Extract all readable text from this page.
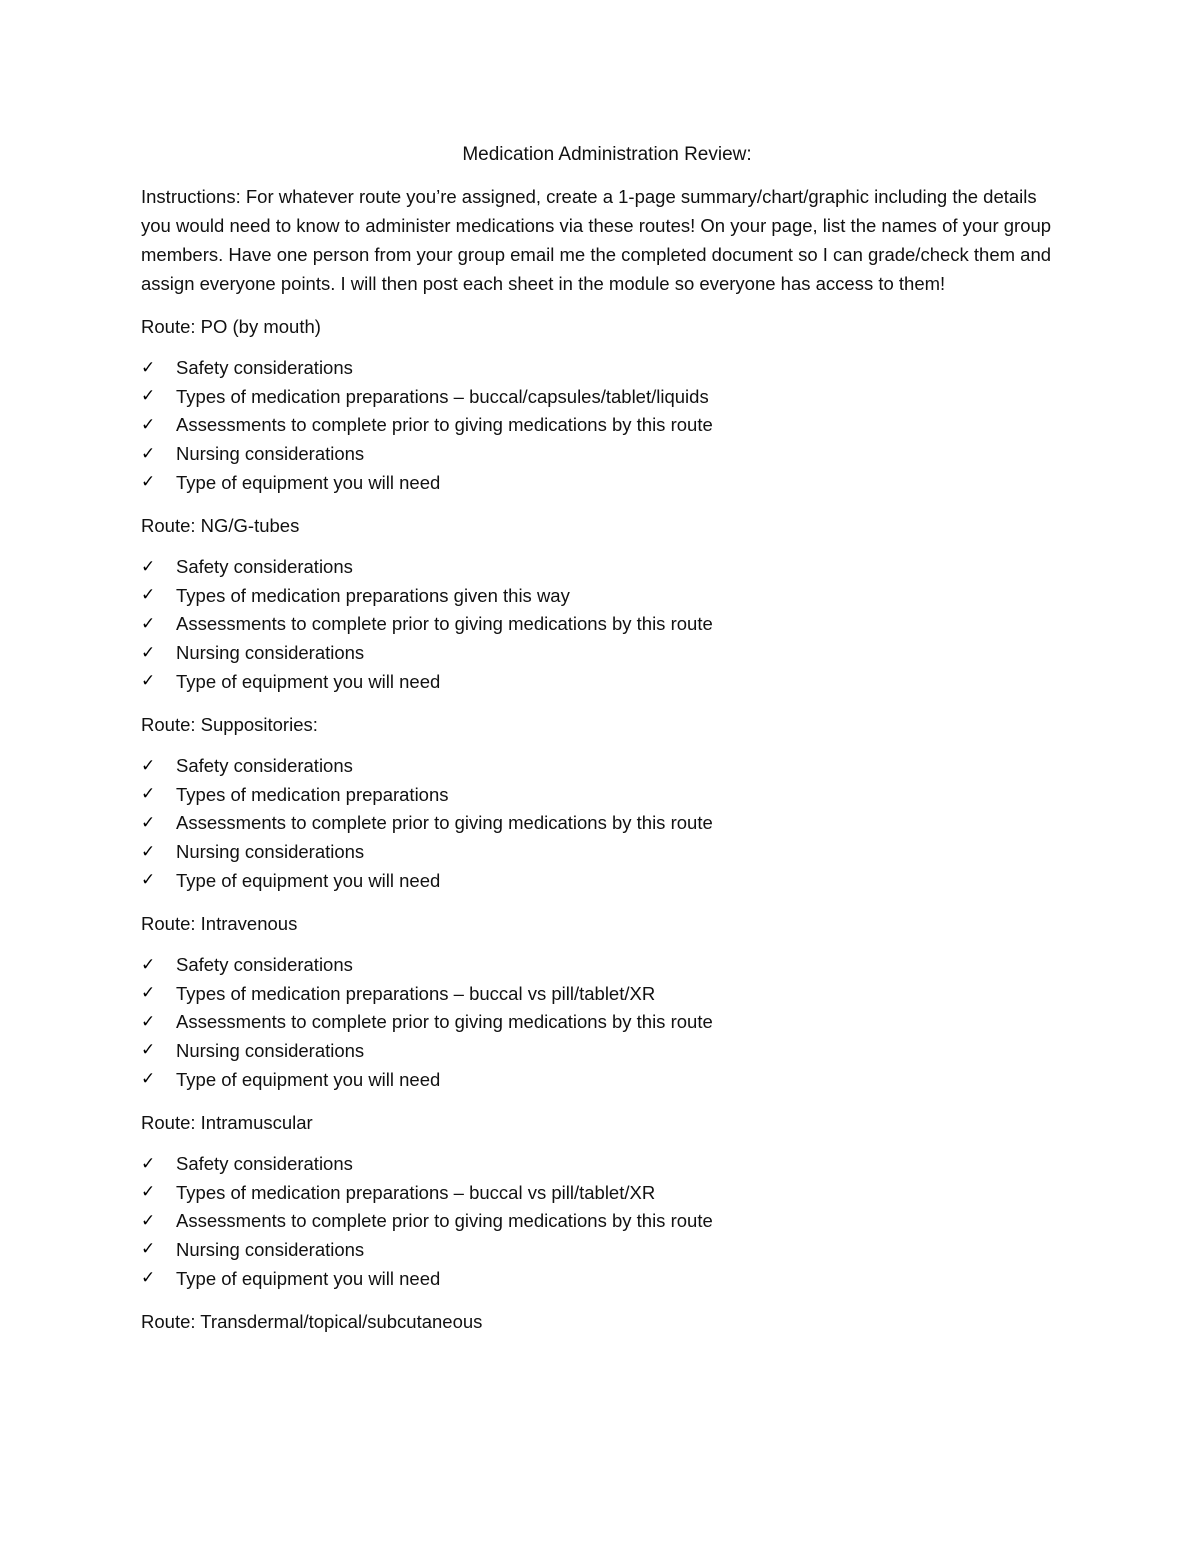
Medication Administration Review:
Instructions: For whatever route you’re assigned, create a 1-page summary/chart/graphic including the details you would need to know to administer medications via these routes! On your page, list the names of your group members. Have one person from your group email me the completed document so I can grade/check them and assign everyone points. I will then post each sheet in the module so everyone has access to them!
Route: PO (by mouth)
✓	Safety considerations
✓	Types of medication preparations – buccal/capsules/tablet/liquids
✓	Assessments to complete prior to giving medications by this route
✓	Nursing considerations
✓	Type of equipment you will need
Route: NG/G-tubes
✓	Safety considerations
✓	Types of medication preparations given this way
✓	Assessments to complete prior to giving medications by this route
✓	Nursing considerations
✓	Type of equipment you will need
Route: Suppositories:
✓	Safety considerations
✓	Types of medication preparations
✓	Assessments to complete prior to giving medications by this route
✓	Nursing considerations
✓	Type of equipment you will need
Route: Intravenous
✓	Safety considerations
✓	Types of medication preparations – buccal vs pill/tablet/XR
✓	Assessments to complete prior to giving medications by this route
✓	Nursing considerations
✓	Type of equipment you will need
Route: Intramuscular
✓	Safety considerations
✓	Types of medication preparations – buccal vs pill/tablet/XR
✓	Assessments to complete prior to giving medications by this route
✓	Nursing considerations
✓	Type of equipment you will need
Route: Transdermal/topical/subcutaneous
